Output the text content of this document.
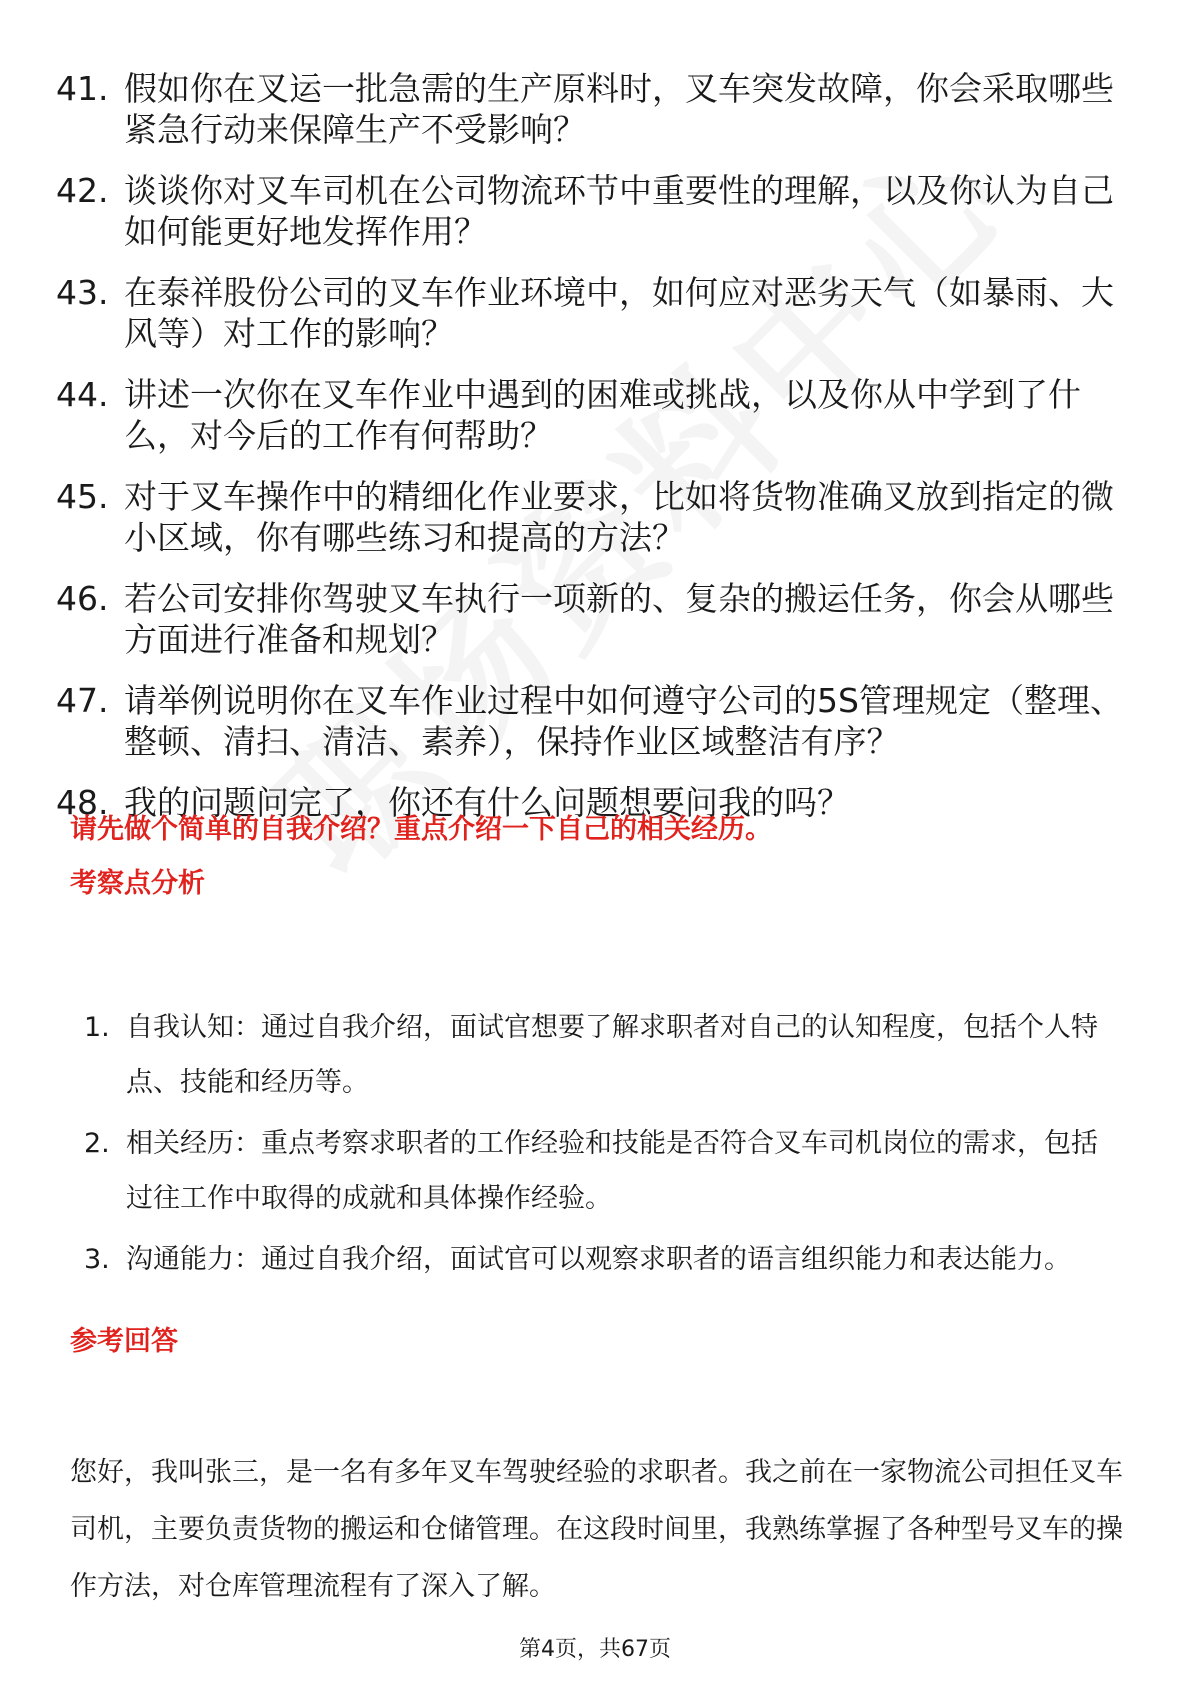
41. 假如你在叉运一批急需的生产原料时，叉车突发故障，你会采取哪些紧急行动来保障生产不受影响？
42. 谈谈你对叉车司机在公司物流环节中重要性的理解，以及你认为自己如何能更好地发挥作用？
43. 在泰祥股份公司的叉车作业环境中，如何应对恶劣天气（如暴雨、大风等）对工作的影响？
44. 讲述一次你在叉车作业中遇到的困难或挑战，以及你从中学到了什么，对今后的工作有何帮助？
45. 对于叉车操作中的精细化作业要求，比如将货物准确叉放到指定的微小区域，你有哪些练习和提高的方法？
46. 若公司安排你驾驶叉车执行一项新的、复杂的搬运任务，你会从哪些方面进行准备和规划？
47. 请举例说明你在叉车作业过程中如何遵守公司的5S管理规定（整理、整顿、清扫、清洁、素养），保持作业区域整洁有序？
48. 我的问题问完了，你还有什么问题想要问我的吗？
请先做个简单的自我介绍？重点介绍一下自己的相关经历。
考察点分析
1. 自我认知：通过自我介绍，面试官想要了解求职者对自己的认知程度，包括个人特点、技能和经历等。
2. 相关经历：重点考察求职者的工作经验和技能是否符合叉车司机岗位的需求，包括过往工作中取得的成就和具体操作经验。
3. 沟通能力：通过自我介绍，面试官可以观察求职者的语言组织能力和表达能力。
参考回答
您好，我叫张三，是一名有多年叉车驾驶经验的求职者。我之前在一家物流公司担任叉车司机，主要负责货物的搬运和仓储管理。在这段时间里，我熟练掌握了各种型号叉车的操作方法，对仓库管理流程有了深入了解。
第4页，共67页
